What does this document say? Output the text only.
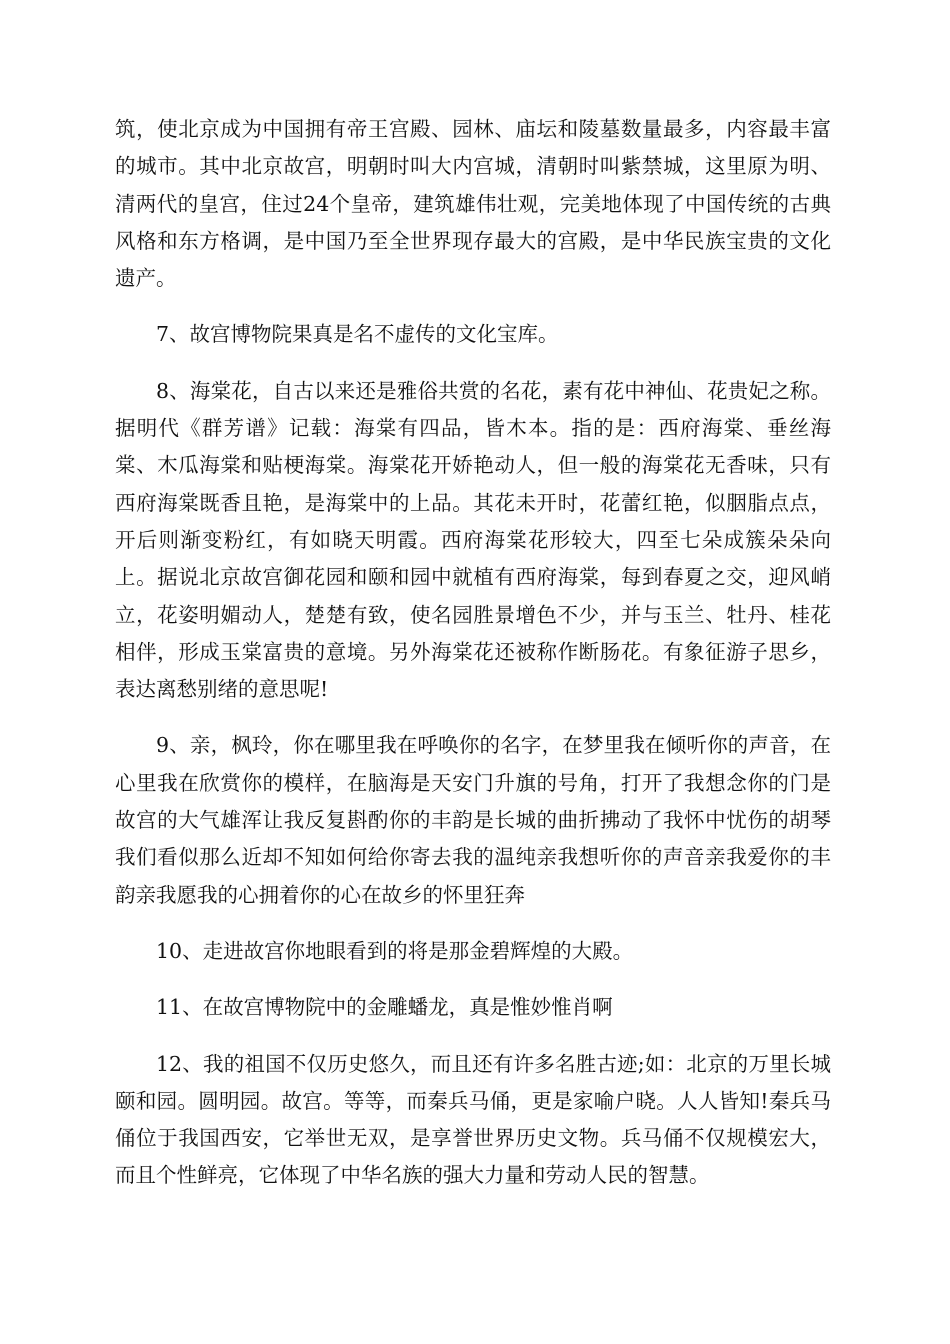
筑，使北京成为中国拥有帝王宫殿、园林、庙坛和陵墓数量最多，内容最丰富的城市。其中北京故宫，明朝时叫大内宫城，清朝时叫紫禁城，这里原为明、清两代的皇宫，住过24个皇帝，建筑雄伟壮观，完美地体现了中国传统的古典风格和东方格调，是中国乃至全世界现存最大的宫殿，是中华民族宝贵的文化遗产。

7、故宫博物院果真是名不虚传的文化宝库。

8、海棠花，自古以来还是雅俗共赏的名花，素有花中神仙、花贵妃之称。据明代《群芳谱》记载：海棠有四品，皆木本。指的是：西府海棠、垂丝海棠、木瓜海棠和贴梗海棠。海棠花开娇艳动人，但一般的海棠花无香味，只有西府海棠既香且艳，是海棠中的上品。其花未开时，花蕾红艳，似胭脂点点，开后则渐变粉红，有如晓天明霞。西府海棠花形较大，四至七朵成簇朵朵向上。据说北京故宫御花园和颐和园中就植有西府海棠，每到春夏之交，迎风峭立，花姿明媚动人，楚楚有致，使名园胜景增色不少，并与玉兰、牡丹、桂花相伴，形成玉棠富贵的意境。另外海棠花还被称作断肠花。有象征游子思乡，表达离愁别绪的意思呢!

9、亲，枫玲，你在哪里我在呼唤你的名字，在梦里我在倾听你的声音，在心里我在欣赏你的模样，在脑海是天安门升旗的号角，打开了我想念你的门是故宫的大气雄浑让我反复斟酌你的丰韵是长城的曲折拂动了我怀中忧伤的胡琴我们看似那么近却不知如何给你寄去我的温纯亲我想听你的声音亲我爱你的丰韵亲我愿我的心拥着你的心在故乡的怀里狂奔

10、走进故宫你地眼看到的将是那金碧辉煌的大殿。

11、在故宫博物院中的金雕蟠龙，真是惟妙惟肖啊

12、我的祖国不仅历史悠久，而且还有许多名胜古迹;如：北京的万里长城颐和园。圆明园。故宫。等等，而秦兵马俑，更是家喻户晓。人人皆知!秦兵马俑位于我国西安，它举世无双，是享誉世界历史文物。兵马俑不仅规模宏大，而且个性鲜亮，它体现了中华名族的强大力量和劳动人民的智慧。
